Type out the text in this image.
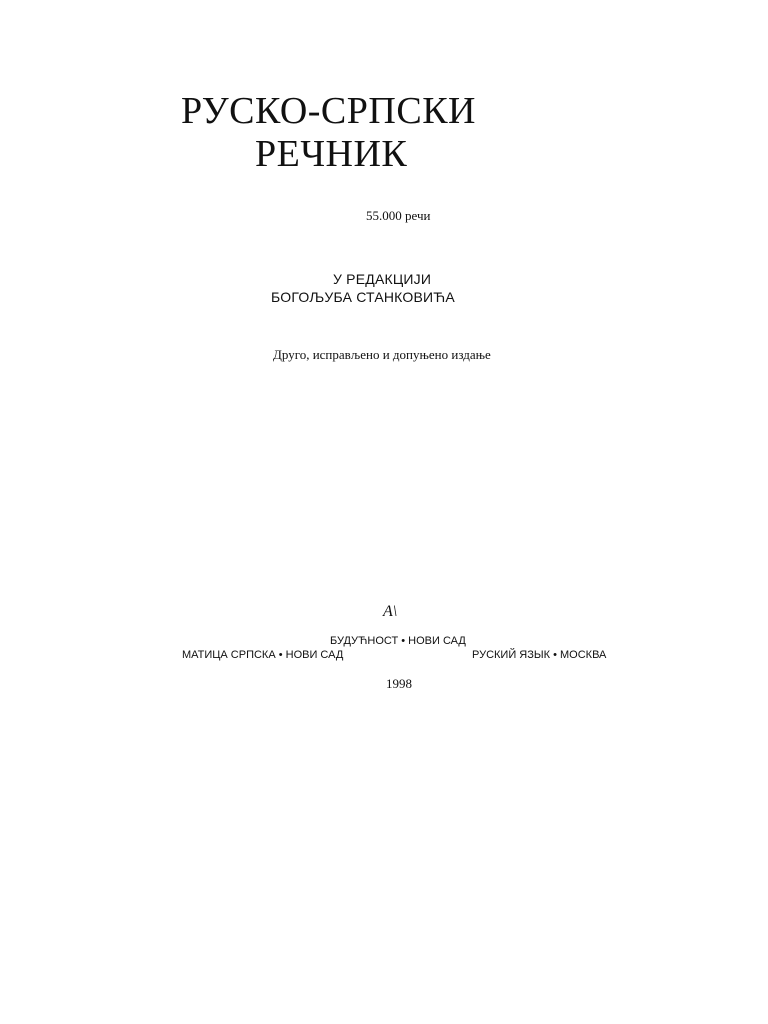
РУСКО-СРПСКИ
РЕЧНИК
55.000 речи
У РЕДАКЦИЈИ
БОГОЉУБА СТАНКОВИЋА
Друго, исправљено и допуњено издање
A\
БУДУЋНОСТ • НОВИ САД
МАТИЦА СРПСКА • НОВИ САД	РУСКИЙ ЯЗЫК • МОСКВА
1998
